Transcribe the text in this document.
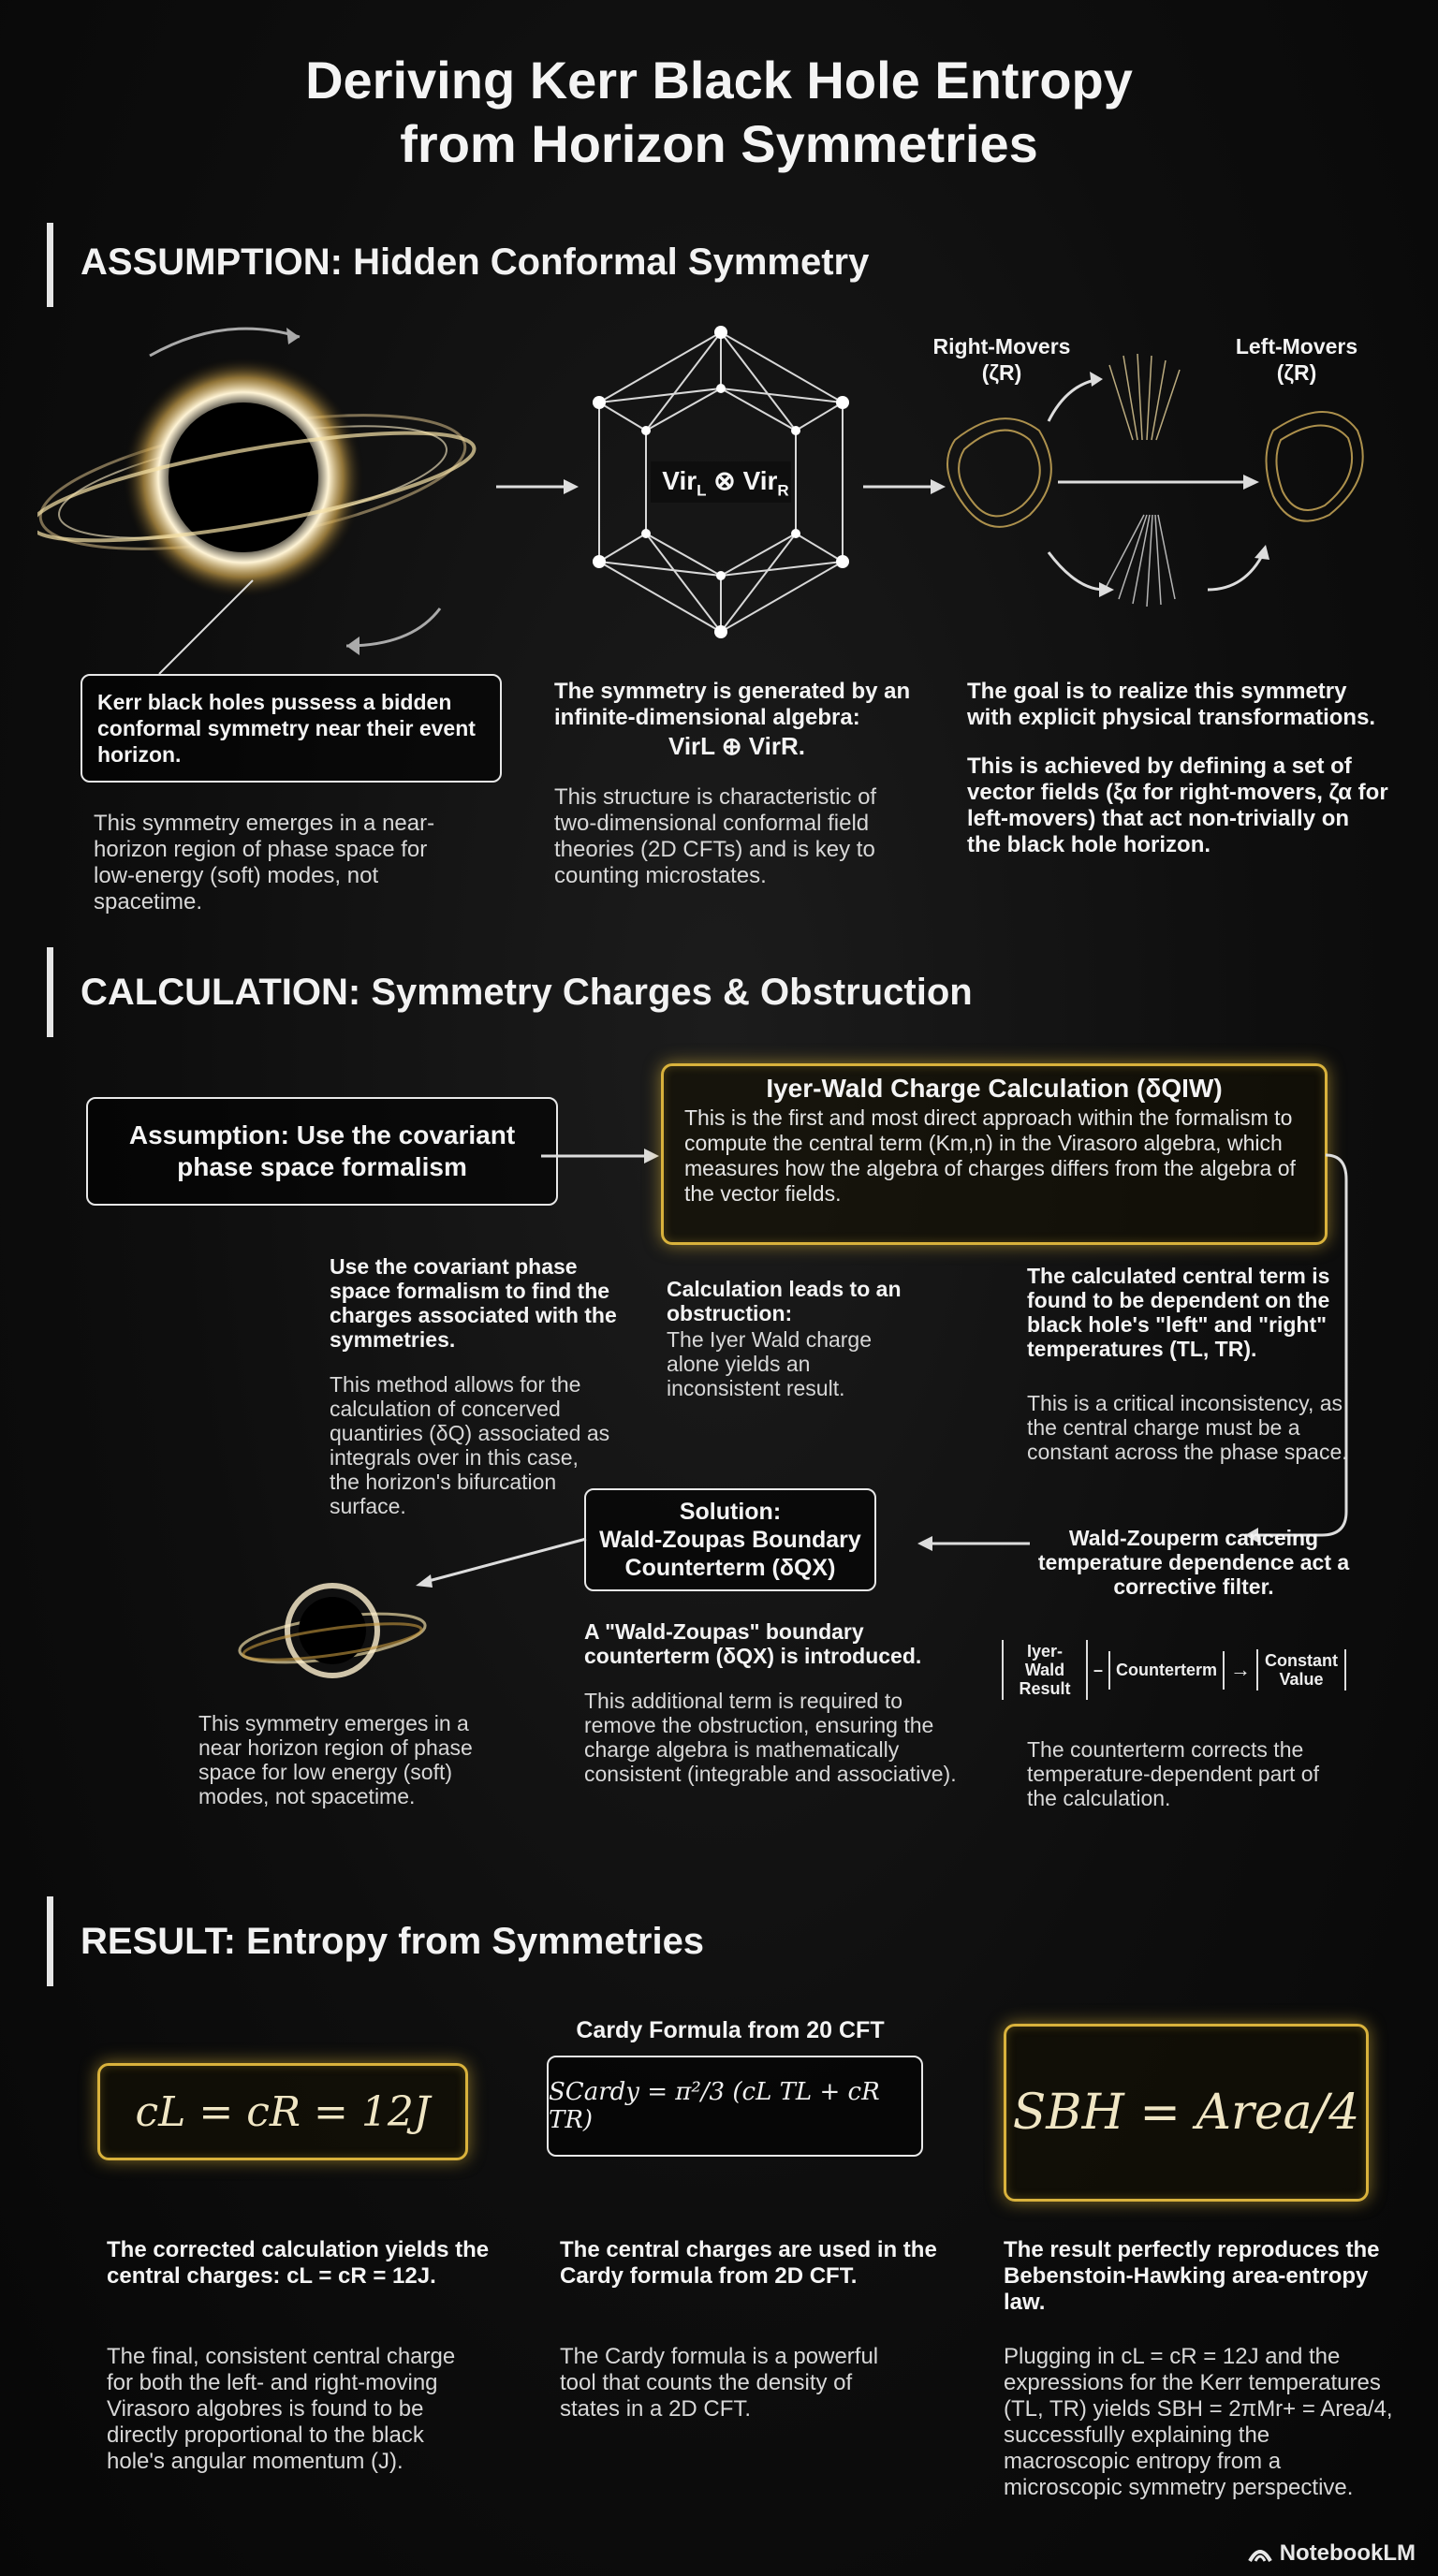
Deriving Kerr Black Hole Entropy
from Horizon Symmetries
ASSUMPTION: Hidden Conformal Symmetry
Vir$_L$ ⊗ Vir$_R$
Right-Movers
(ζR)
Left-Movers
(ζR)
Kerr black holes pussess a bidden conformal symmetry near their event horizon.
This symmetry emerges in a near-horizon region of phase space for low-energy (soft) modes, not spacetime.
The symmetry is generated by an infinite-dimensional algebra:
VirL ⊕ VirR.
This structure is characteristic of two-dimensional conformal field theories (2D CFTs) and is key to counting microstates.
The goal is to realize this symmetry with explicit physical transformations.
This is achieved by defining a set of vector fields (ξα for right-movers, ζα for left-movers) that act non-trivially on the black hole horizon.
CALCULATION: Symmetry Charges & Obstruction
Assumption: Use the covariant phase space formalism
Iyer-Wald Charge Calculation (δQIW)
This is the first and most direct approach within the formalism to compute the central term (Km,n) in the Virasoro algebra, which measures how the algebra of charges differs from the algebra of the vector fields.
Use the covariant phase space formalism to find the charges associated with the symmetries.
This method allows for the calculation of concerved quantiries (δQ) associated as integrals over in this case, the horizon's bifurcation surface.
Calculation leads to an obstruction:
The Iyer Wald charge alone yields an inconsistent result.
The calculated central term is found to be dependent on the black hole's "left" and "right" temperatures (TL, TR).
This is a critical inconsistency, as the central charge must be a constant across the phase space.
Solution:
Wald-Zoupas Boundary
Counterterm (δQX)
Wald-Zouperm canceing temperature dependence act a corrective filter.
Iyer-Wald Result
– Counterterm → Constant Value
The counterterm corrects the temperature-dependent part of the calculation.
A "Wald-Zoupas" boundary counterterm (δQX) is introduced.
This additional term is required to remove the obstruction, ensuring the charge algebra is mathematically consistent (integrable and associative).
This symmetry emerges in a near horizon region of phase space for low energy (soft) modes, not spacetime.
RESULT: Entropy from Symmetries
Cardy Formula from 20 CFT
cL = cR = 12J	SCardy = π²/3 (cL TL + cR TR)	SBH = Area/4
The corrected calculation yields the central charges: cL = cR = 12J.
The final, consistent central charge for both the left- and right-moving Virasoro algobres is found to be directly proportional to the black hole's angular momentum (J).
The central charges are used in the Cardy formula from 2D CFT.
The Cardy formula is a powerful tool that counts the density of states in a 2D CFT.
The result perfectly reproduces the Bebenstoin-Hawking area-entropy law.
Plugging in cL = cR = 12J and the expressions for the Kerr temperatures (TL, TR) yields SBH = 2πMr+ = Area/4, successfully explaining the macroscopic entropy from a microscopic symmetry perspective.
NotebookLM
